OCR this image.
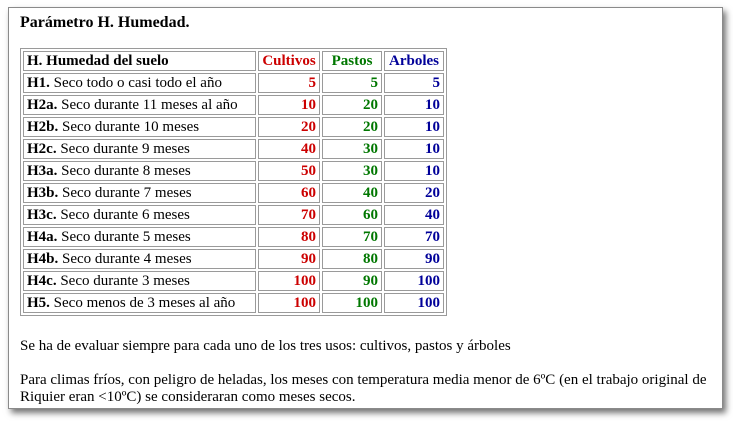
Parámetro H. Humedad.
H. Humedad del suelo	Cultivos	Pastos	Arboles
H1. Seco todo o casi todo el año	5	5	5
H2a. Seco durante 11 meses al año	10	20	10
H2b. Seco durante 10 meses	20	20	10
H2c. Seco durante 9 meses	40	30	10
H3a. Seco durante 8 meses	50	30	10
H3b. Seco durante 7 meses	60	40	20
H3c. Seco durante 6 meses	70	60	40
H4a. Seco durante 5 meses	80	70	70
H4b. Seco durante 4 meses	90	80	90
H4c. Seco durante 3 meses	100	90	100
H5. Seco menos de 3 meses al año	100	100	100
Se ha de evaluar siempre para cada uno de los tres usos: cultivos, pastos y árboles
Para climas fríos, con peligro de heladas, los meses con temperatura media menor de 6ºC (en el trabajo original de Riquier eran <10ºC) se consideraran como meses secos.
